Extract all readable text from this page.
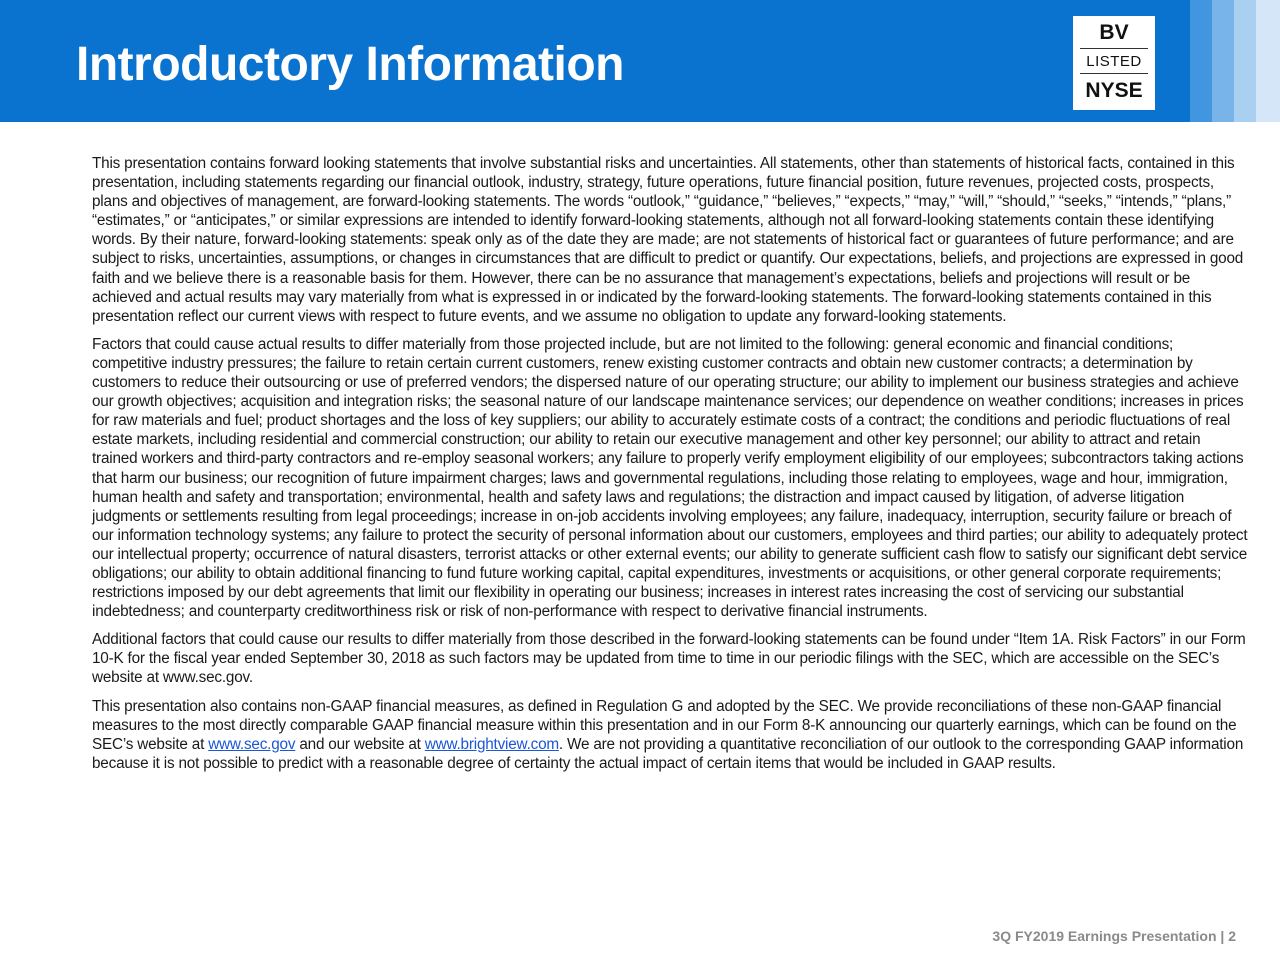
Introductory Information
BV
LISTED
NYSE

This presentation contains forward looking statements that involve substantial risks and uncertainties. All statements, other than statements of historical facts, contained in this presentation, including statements regarding our financial outlook, industry, strategy, future operations, future financial position, future revenues, projected costs, prospects, plans and objectives of management, are forward-looking statements. The words “outlook,” “guidance,” “believes,” “expects,” “may,” “will,” “should,” “seeks,” “intends,” “plans,” “estimates,” or “anticipates,” or similar expressions are intended to identify forward-looking statements, although not all forward-looking statements contain these identifying words. By their nature, forward-looking statements: speak only as of the date they are made; are not statements of historical fact or guarantees of future performance; and are subject to risks, uncertainties, assumptions, or changes in circumstances that are difficult to predict or quantify. Our expectations, beliefs, and projections are expressed in good faith and we believe there is a reasonable basis for them. However, there can be no assurance that management’s expectations, beliefs and projections will result or be achieved and actual results may vary materially from what is expressed in or indicated by the forward-looking statements. The forward-looking statements contained in this presentation reflect our current views with respect to future events, and we assume no obligation to update any forward-looking statements.

Factors that could cause actual results to differ materially from those projected include, but are not limited to the following: general economic and financial conditions; competitive industry pressures; the failure to retain certain current customers, renew existing customer contracts and obtain new customer contracts; a determination by customers to reduce their outsourcing or use of preferred vendors; the dispersed nature of our operating structure; our ability to implement our business strategies and achieve our growth objectives; acquisition and integration risks; the seasonal nature of our landscape maintenance services; our dependence on weather conditions; increases in prices for raw materials and fuel; product shortages and the loss of key suppliers; our ability to accurately estimate costs of a contract; the conditions and periodic fluctuations of real estate markets, including residential and commercial construction; our ability to retain our executive management and other key personnel; our ability to attract and retain trained workers and third-party contractors and re-employ seasonal workers; any failure to properly verify employment eligibility of our employees; subcontractors taking actions that harm our business; our recognition of future impairment charges; laws and governmental regulations, including those relating to employees, wage and hour, immigration, human health and safety and transportation; environmental, health and safety laws and regulations; the distraction and impact caused by litigation, of adverse litigation judgments or settlements resulting from legal proceedings; increase in on-job accidents involving employees; any failure, inadequacy, interruption, security failure or breach of our information technology systems; any failure to protect the security of personal information about our customers, employees and third parties; our ability to adequately protect our intellectual property; occurrence of natural disasters, terrorist attacks or other external events; our ability to generate sufficient cash flow to satisfy our significant debt service obligations; our ability to obtain additional financing to fund future working capital, capital expenditures, investments or acquisitions, or other general corporate requirements; restrictions imposed by our debt agreements that limit our flexibility in operating our business; increases in interest rates increasing the cost of servicing our substantial indebtedness; and counterparty creditworthiness risk or risk of non-performance with respect to derivative financial instruments.

Additional factors that could cause our results to differ materially from those described in the forward-looking statements can be found under “Item 1A. Risk Factors” in our Form 10-K for the fiscal year ended September 30, 2018 as such factors may be updated from time to time in our periodic filings with the SEC, which are accessible on the SEC’s website at www.sec.gov.

This presentation also contains non-GAAP financial measures, as defined in Regulation G and adopted by the SEC. We provide reconciliations of these non-GAAP financial measures to the most directly comparable GAAP financial measure within this presentation and in our Form 8-K announcing our quarterly earnings, which can be found on the SEC’s website at www.sec.gov and our website at www.brightview.com. We are not providing a quantitative reconciliation of our outlook to the corresponding GAAP information because it is not possible to predict with a reasonable degree of certainty the actual impact of certain items that would be included in GAAP results.

3Q FY2019 Earnings Presentation | 2
